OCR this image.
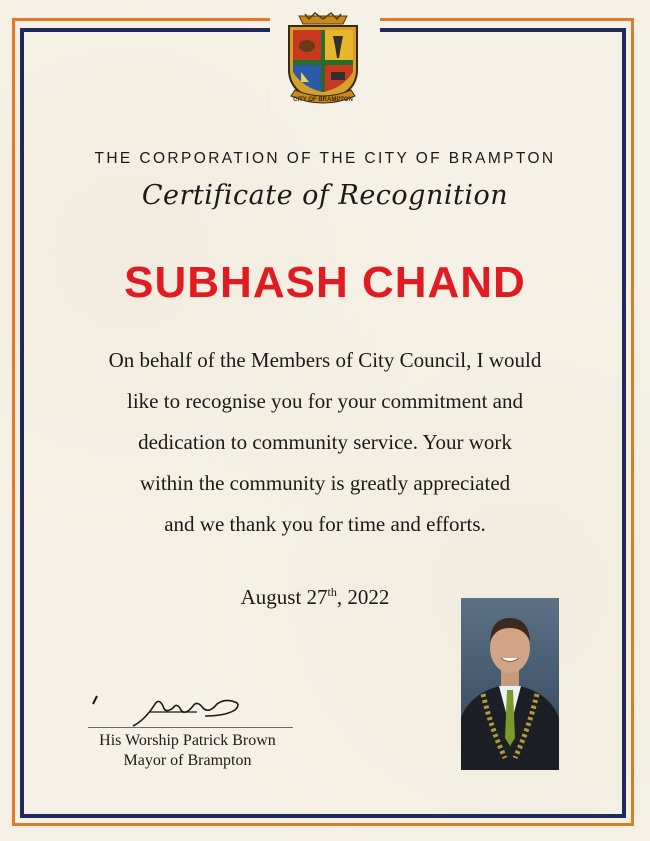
CITY OF BRAMPTON
THE CORPORATION OF THE CITY OF BRAMPTON
Certificate of Recognition
SUBHASH CHAND
On behalf of the Members of City Council, I would
like to recognise you for your commitment and
dedication to community service. Your work
within the community is greatly appreciated
and we thank you for time and efforts.
August 27th, 2022
His Worship Patrick Brown
Mayor of Brampton
